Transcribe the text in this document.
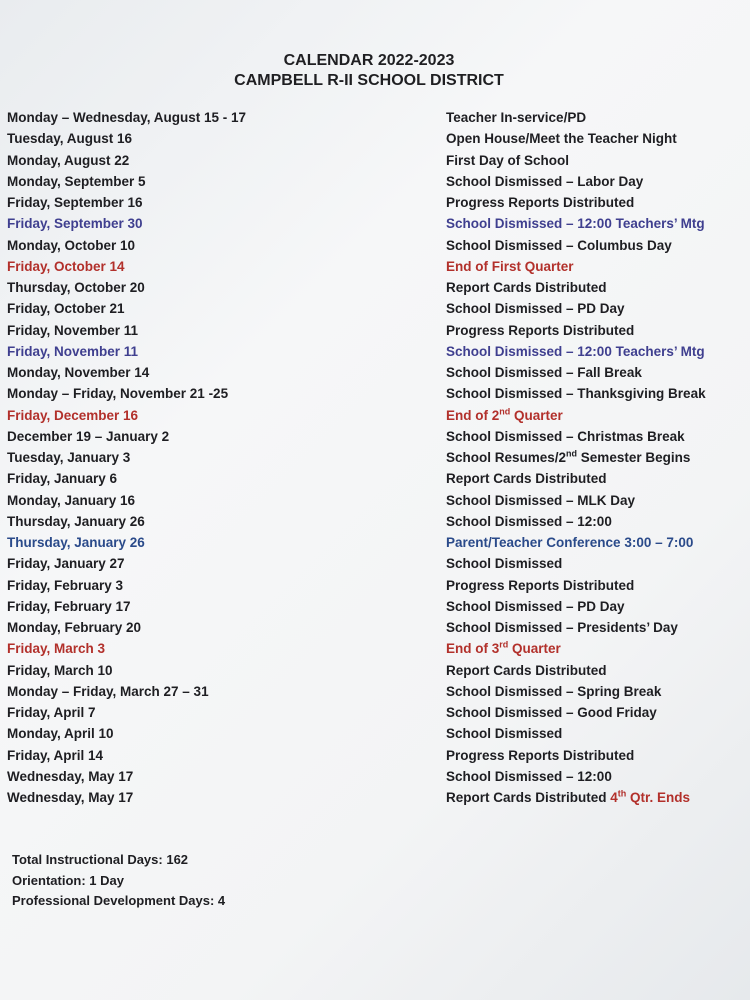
CALENDAR 2022-2023
CAMPBELL R-II SCHOOL DISTRICT
Monday – Wednesday, August 15 - 17	Teacher In-service/PD
Tuesday, August 16	Open House/Meet the Teacher Night
Monday, August 22	First Day of School
Monday, September 5	School Dismissed – Labor Day
Friday, September 16	Progress Reports Distributed
Friday, September 30	School Dismissed – 12:00 Teachers’ Mtg
Monday, October 10	School Dismissed – Columbus Day
Friday, October 14	End of First Quarter
Thursday, October 20	Report Cards Distributed
Friday, October 21	School Dismissed – PD Day
Friday, November 11	Progress Reports Distributed
Friday, November 11	School Dismissed – 12:00 Teachers’ Mtg
Monday, November 14	School Dismissed – Fall Break
Monday – Friday, November 21 -25	School Dismissed – Thanksgiving Break
Friday, December 16	End of 2nd Quarter
December 19 – January 2	School Dismissed – Christmas Break
Tuesday, January 3	School Resumes/2nd Semester Begins
Friday, January 6	Report Cards Distributed
Monday, January 16	School Dismissed – MLK Day
Thursday, January 26	School Dismissed – 12:00
Thursday, January 26	Parent/Teacher Conference 3:00 – 7:00
Friday, January 27	School Dismissed
Friday, February 3	Progress Reports Distributed
Friday, February 17	School Dismissed – PD Day
Monday, February 20	School Dismissed – Presidents’ Day
Friday, March 3	End of 3rd Quarter
Friday, March 10	Report Cards Distributed
Monday – Friday, March 27 – 31	School Dismissed – Spring Break
Friday, April 7	School Dismissed – Good Friday
Monday, April 10	School Dismissed
Friday, April 14	Progress Reports Distributed
Wednesday, May 17	School Dismissed – 12:00
Wednesday, May 17	Report Cards Distributed 4th Qtr. Ends
Total Instructional Days: 162
Orientation: 1 Day
Professional Development Days: 4
